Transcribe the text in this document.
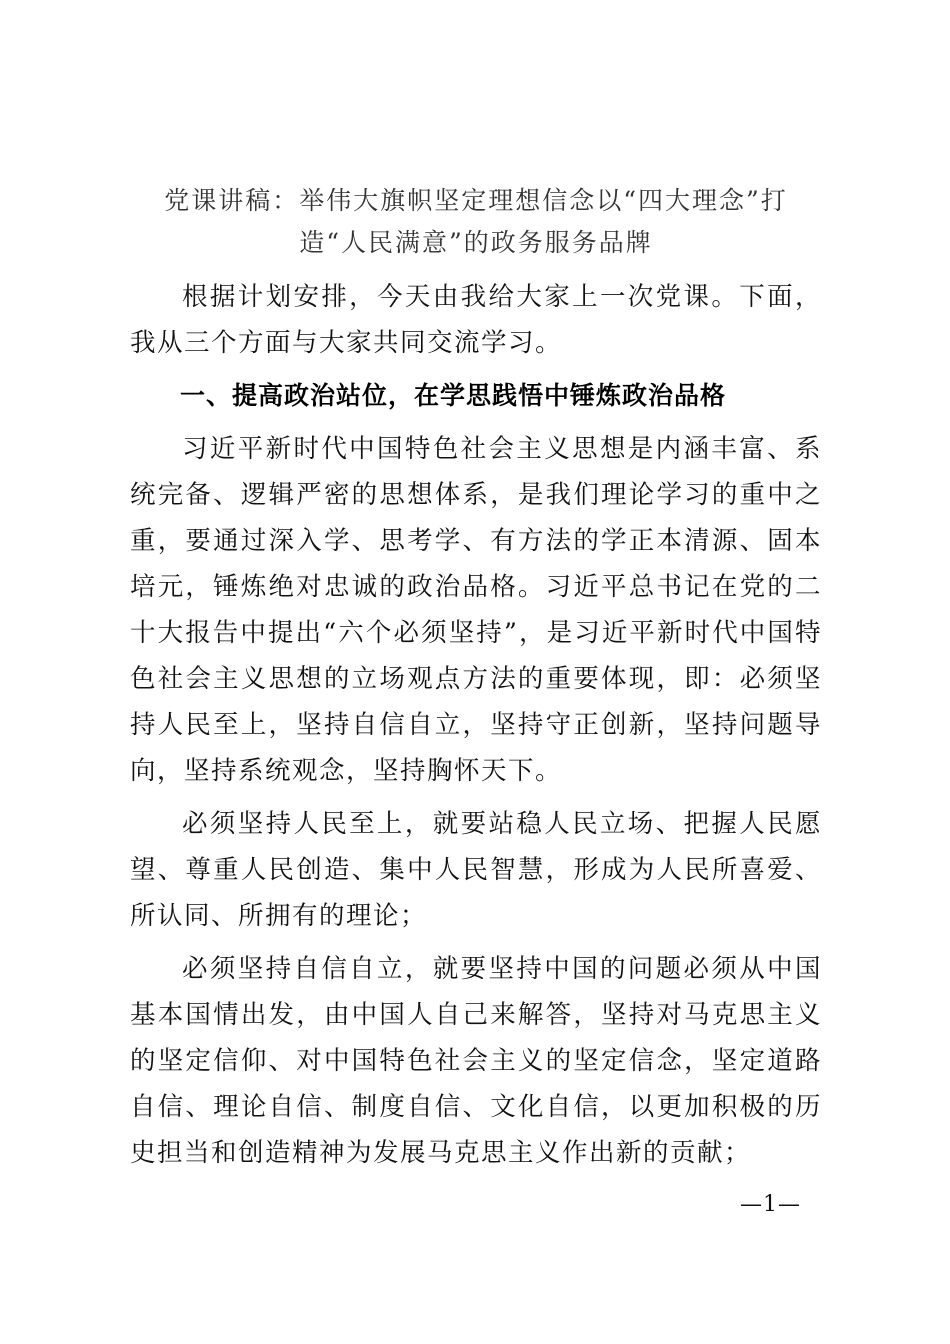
党课讲稿：举伟大旗帜坚定理想信念以“四大理念”打造“人民满意”的政务服务品牌

根据计划安排，今天由我给大家上一次党课。下面，我从三个方面与大家共同交流学习。

一、提高政治站位，在学思践悟中锤炼政治品格

习近平新时代中国特色社会主义思想是内涵丰富、系统完备、逻辑严密的思想体系，是我们理论学习的重中之重，要通过深入学、思考学、有方法的学正本清源、固本培元，锤炼绝对忠诚的政治品格。习近平总书记在党的二十大报告中提出“六个必须坚持”，是习近平新时代中国特色社会主义思想的立场观点方法的重要体现，即：必须坚持人民至上，坚持自信自立，坚持守正创新，坚持问题导向，坚持系统观念，坚持胸怀天下。

必须坚持人民至上，就要站稳人民立场、把握人民愿望、尊重人民创造、集中人民智慧，形成为人民所喜爱、所认同、所拥有的理论；

必须坚持自信自立，就要坚持中国的问题必须从中国基本国情出发，由中国人自己来解答，坚持对马克思主义的坚定信仰、对中国特色社会主义的坚定信念，坚定道路自信、理论自信、制度自信、文化自信，以更加积极的历史担当和创造精神为发展马克思主义作出新的贡献；

—1—
